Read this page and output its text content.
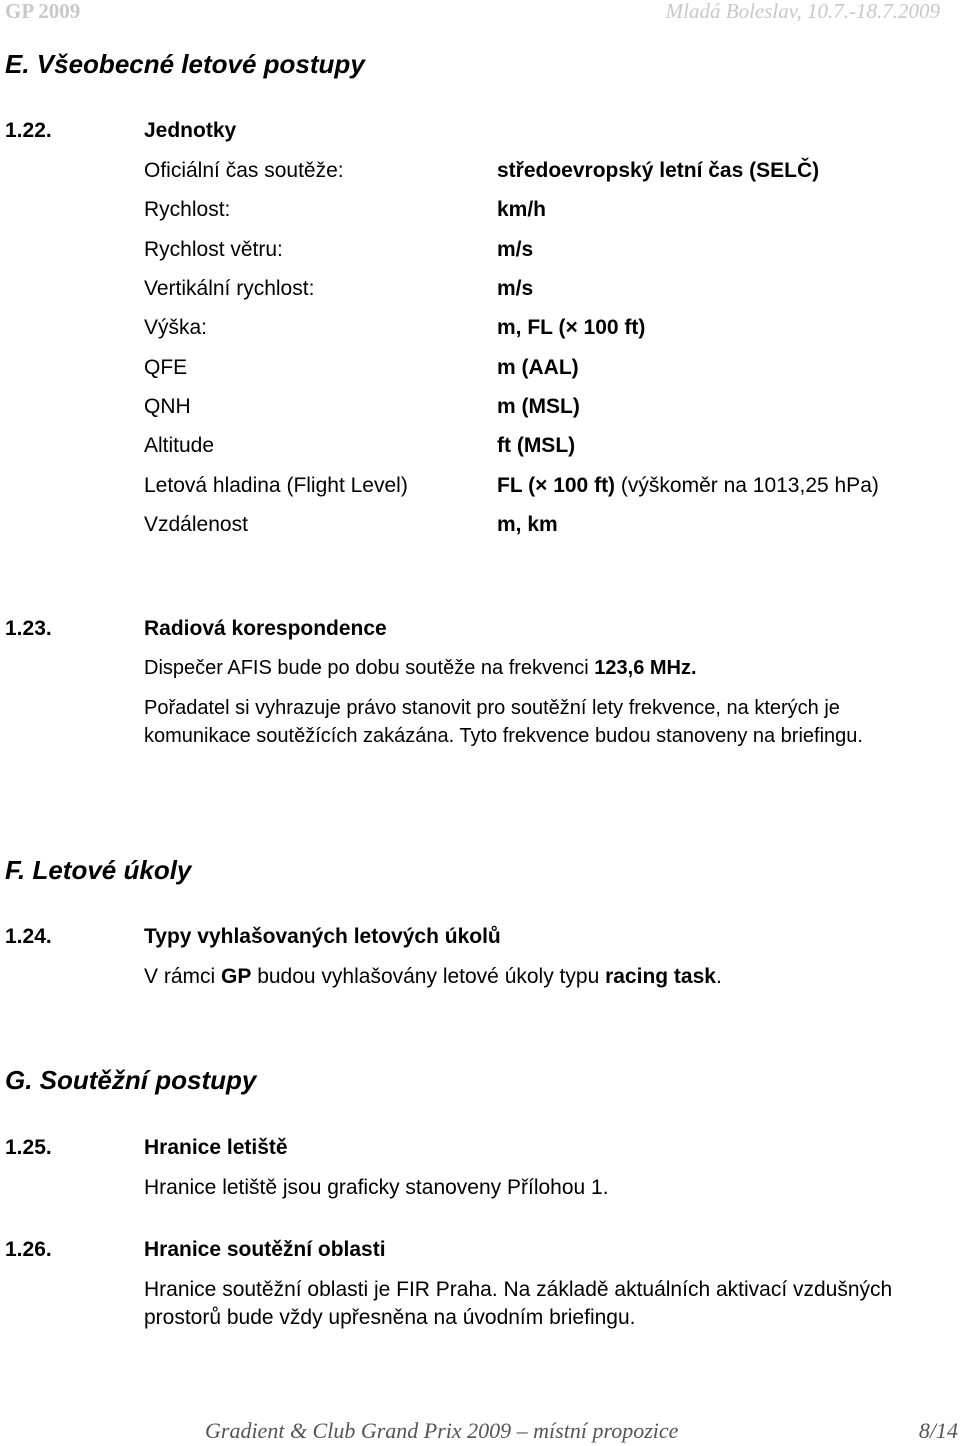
GP 2009	Mladá Boleslav, 10.7.-18.7.2009
E. Všeobecné letové postupy
1.22.	Jednotky
Oficiální čas soutěže:	středoevropský letní čas (SELČ)
Rychlost:	km/h
Rychlost větru:	m/s
Vertikální rychlost:	m/s
Výška:	m, FL (× 100 ft)
QFE	m (AAL)
QNH	m (MSL)
Altitude	ft (MSL)
Letová hladina (Flight Level)	FL (× 100 ft) (výškoměr na 1013,25 hPa)
Vzdálenost	m, km
1.23.	Radiová korespondence
Dispečer AFIS bude po dobu soutěže na frekvenci 123,6 MHz.
Pořadatel si vyhrazuje právo stanovit pro soutěžní lety frekvence, na kterých je komunikace soutěžících zakázána. Tyto frekvence budou stanoveny na briefingu.
F. Letové úkoly
1.24.	Typy vyhlašovaných letových úkolů
V rámci GP budou vyhlašovány letové úkoly typu racing task.
G. Soutěžní postupy
1.25.	Hranice letiště
Hranice letiště jsou graficky stanoveny Přílohou 1.
1.26.	Hranice soutěžní oblasti
Hranice soutěžní oblasti je FIR Praha. Na základě aktuálních aktivací vzdušných prostorů bude vždy upřesněna na úvodním briefingu.
Gradient & Club Grand Prix 2009 – místní propozice	8/14
